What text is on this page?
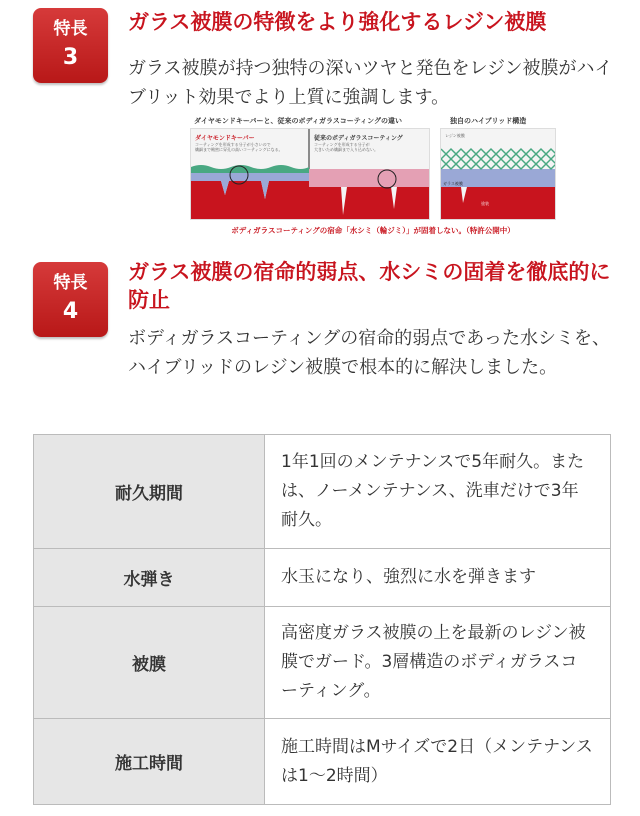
特長
3
ガラス被膜の特徴をより強化するレジン被膜
ガラス被膜が持つ独特の深いツヤと発色をレジン被膜がハイブリット効果でより上質に強調します。
ダイヤモンドキーパーと、従来のボディガラスコーティングの違い	独自のハイブリッド構造
ダイヤモンドキーパー
コーティングを形成する分子が小さいので
繊細まで緻密に穿孔の高いコーティングになる。
従来のボディガラスコーティング
コーティングを形成する分子が
大きいため繊細まで入り込めない。
レジン被膜
ガラス被膜
塗装
ボディガラスコーティングの宿命「水シミ（輪ジミ）」が固着しない。（特許公開中）
特長
4
ガラス被膜の宿命的弱点、水シミの固着を徹底的に防止
ボディガラスコーティングの宿命的弱点であった水シミを、ハイブリッドのレジン被膜で根本的に解決しました。
耐久期間	1年1回のメンテナンスで5年耐久。または、ノーメンテナンス、洗車だけで3年耐久。
水弾き	水玉になり、強烈に水を弾きます
被膜	高密度ガラス被膜の上を最新のレジン被膜でガード。3層構造のボディガラスコーティング。
施工時間	施工時間はMサイズで2日（メンテナンスは1〜2時間）
